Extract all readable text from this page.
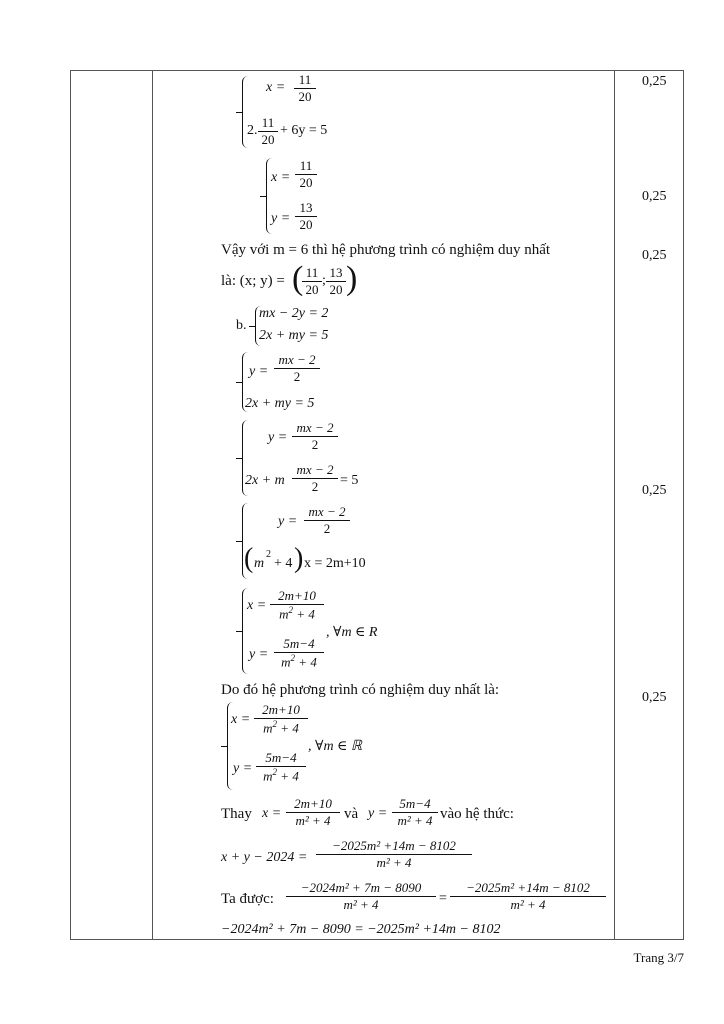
0,25
0,25
0,25
0,25
0,25
x =
11
20
2.
11
20
+ 6y = 5
x =
11
20
y =
13
20
Vậy với m = 6 thì hệ phương trình có nghiệm duy nhất
là: (x; y) = ( 11
20
;
13
20 )
b.
mx − 2y = 2
2x + my = 5
y =
mx − 2
2
2x + my = 5
y =
mx − 2
2
2x + m
mx − 2
2	= 5
y =
mx − 2
2
( m
2
+ 4 ) x = 2m+10
x =
2m+10
$m^2 + 4$
, ∀m ∈ R
y =
5m−4
$m^2 + 4$
Do đó hệ phương trình có nghiệm duy nhất là:
x =
2m+10
$m^2 + 4$
, ∀m ∈ ℝ
y =
5m−4
$m^2 + 4$
Thay x =
2m+10
m² + 4 và y =
5m−4
m² + 4 vào hệ thức:
x + y − 2024 =
−2025m² +14m − 8102
m² + 4
Ta được:
−2024m² + 7m − 8090
m² + 4	=
−2025m² +14m − 8102
m² + 4
−2024m² + 7m − 8090 = −2025m² +14m − 8102
Trang 3/7
